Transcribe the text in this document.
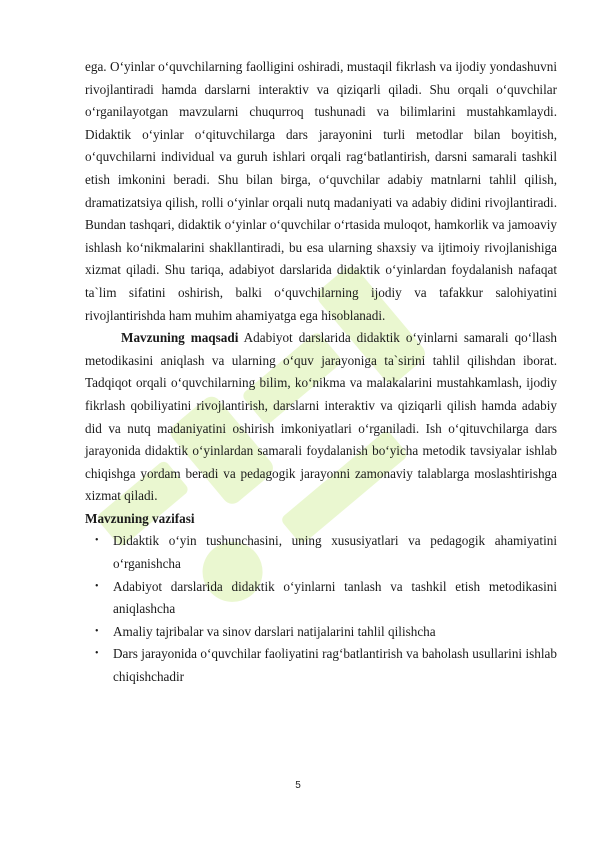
ega. O‘yinlar o‘quvchilarning faolligini oshiradi, mustaqil fikrlash va ijodiy yondashuvni rivojlantiradi hamda darslarni interaktiv va qiziqarli qiladi. Shu orqali o‘quvchilar o‘rganilayotgan mavzularni chuqurroq tushunadi va bilimlarini mustahkamlaydi. Didaktik o‘yinlar o‘qituvchilarga dars jarayonini turli metodlar bilan boyitish, o‘quvchilarni individual va guruh ishlari orqali rag‘batlantirish, darsni samarali tashkil etish imkonini beradi. Shu bilan birga, o‘quvchilar adabiy matnlarni tahlil qilish, dramatizatsiya qilish, rolli o‘yinlar orqali nutq madaniyati va adabiy didini rivojlantiradi. Bundan tashqari, didaktik o‘yinlar o‘quvchilar o‘rtasida muloqot, hamkorlik va jamoaviy ishlash ko‘nikmalarini shakllantiradi, bu esa ularning shaxsiy va ijtimoiy rivojlanishiga xizmat qiladi. Shu tariqa, adabiyot darslarida didaktik o‘yinlardan foydalanish nafaqat ta`lim sifatini oshirish, balki o‘quvchilarning ijodiy va tafakkur salohiyatini rivojlantirishda ham muhim ahamiyatga ega hisoblanadi.

Mavzuning maqsadi Adabiyot darslarida didaktik o‘yinlarni samarali qo‘llash metodikasini aniqlash va ularning o‘quv jarayoniga ta`sirini tahlil qilishdan iborat. Tadqiqot orqali o‘quvchilarning bilim, ko‘nikma va malakalarini mustahkamlash, ijodiy fikrlash qobiliyatini rivojlantirish, darslarni interaktiv va qiziqarli qilish hamda adabiy did va nutq madaniyatini oshirish imkoniyatlari o‘rganiladi. Ish o‘qituvchilarga dars jarayonida didaktik o‘yinlardan samarali foydalanish bo‘yicha metodik tavsiyalar ishlab chiqishga yordam beradi va pedagogik jarayonni zamonaviy talablarga moslashtirishga xizmat qiladi.

Mavzuning vazifasi

• Didaktik o‘yin tushunchasini, uning xususiyatlari va pedagogik ahamiyatini o‘rganishcha
• Adabiyot darslarida didaktik o‘yinlarni tanlash va tashkil etish metodikasini aniqlashcha
• Amaliy tajribalar va sinov darslari natijalarini tahlil qilishcha
• Dars jarayonida o‘quvchilar faoliyatini rag‘batlantirish va baholash usullarini ishlab chiqishchadir
5
